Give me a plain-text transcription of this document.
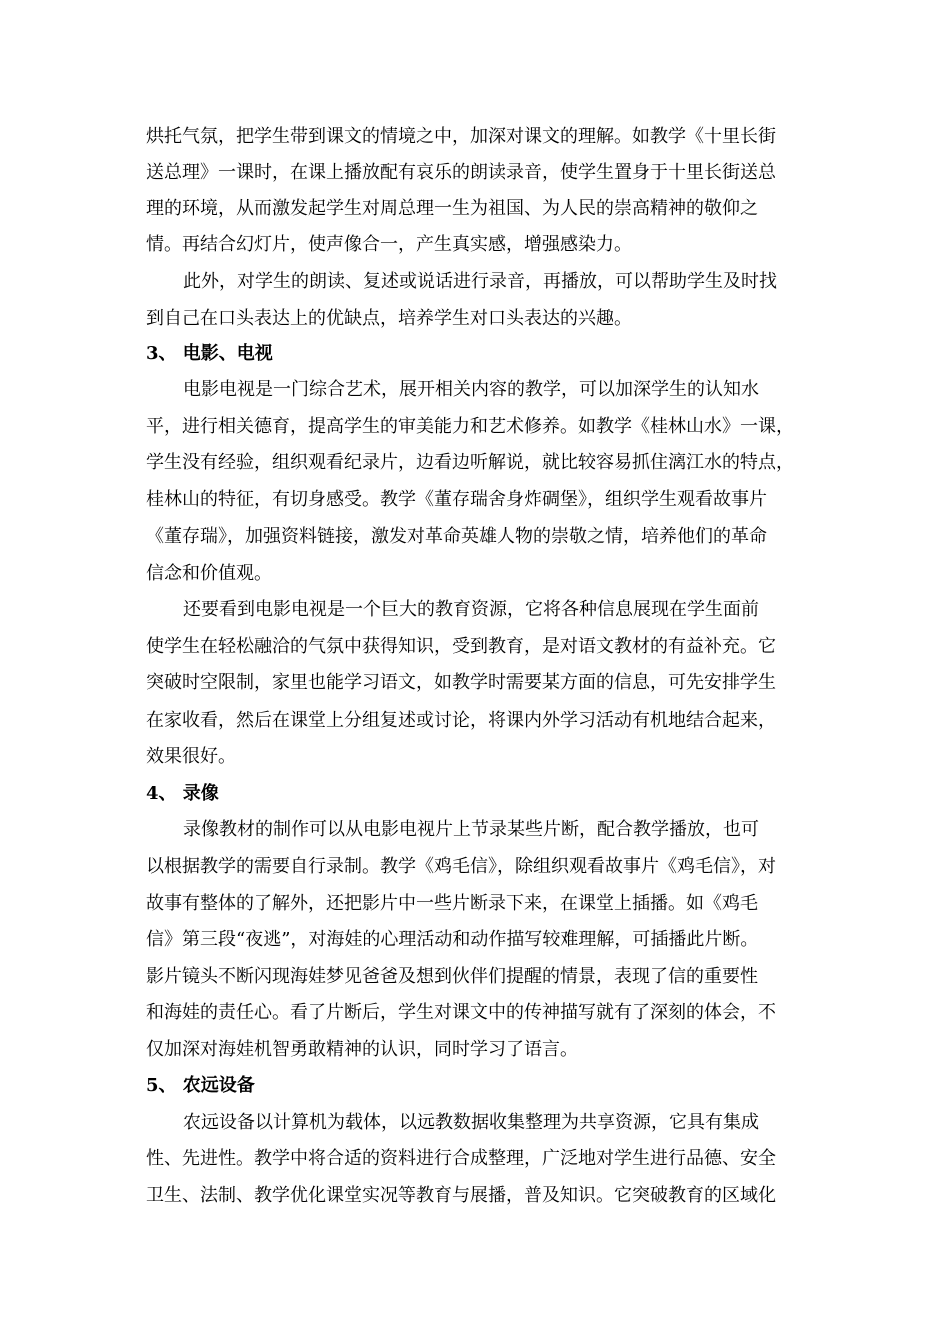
烘托气氛，把学生带到课文的情境之中，加深对课文的理解。如教学《十里长街
送总理》一课时，在课上播放配有哀乐的朗读录音，使学生置身于十里长街送总
理的环境，从而激发起学生对周总理一生为祖国、为人民的崇高精神的敬仰之
情。再结合幻灯片，使声像合一，产生真实感，增强感染力。
此外，对学生的朗读、复述或说话进行录音，再播放，可以帮助学生及时找
到自己在口头表达上的优缺点，培养学生对口头表达的兴趣。
3、 电影、电视
电影电视是一门综合艺术，展开相关内容的教学，可以加深学生的认知水
平，进行相关德育，提高学生的审美能力和艺术修养。如教学《桂林山水》一课，
学生没有经验，组织观看纪录片，边看边听解说，就比较容易抓住漓江水的特点，
桂林山的特征，有切身感受。教学《董存瑞舍身炸碉堡》，组织学生观看故事片
《董存瑞》，加强资料链接，激发对革命英雄人物的崇敬之情，培养他们的革命
信念和价值观。
还要看到电影电视是一个巨大的教育资源，它将各种信息展现在学生面前
使学生在轻松融洽的气氛中获得知识，受到教育，是对语文教材的有益补充。它
突破时空限制，家里也能学习语文，如教学时需要某方面的信息，可先安排学生
在家收看，然后在课堂上分组复述或讨论，将课内外学习活动有机地结合起来，
效果很好。
4、 录像
录像教材的制作可以从电影电视片上节录某些片断，配合教学播放，也可
以根据教学的需要自行录制。教学《鸡毛信》，除组织观看故事片《鸡毛信》，对
故事有整体的了解外，还把影片中一些片断录下来，在课堂上插播。如《鸡毛
信》第三段“夜逃”，对海娃的心理活动和动作描写较难理解，可插播此片断。
影片镜头不断闪现海娃梦见爸爸及想到伙伴们提醒的情景，表现了信的重要性
和海娃的责任心。看了片断后，学生对课文中的传神描写就有了深刻的体会，不
仅加深对海娃机智勇敢精神的认识，同时学习了语言。
5、 农远设备
农远设备以计算机为载体，以远教数据收集整理为共享资源，它具有集成
性、先进性。教学中将合适的资料进行合成整理，广泛地对学生进行品德、安全
卫生、法制、教学优化课堂实况等教育与展播，普及知识。它突破教育的区域化
